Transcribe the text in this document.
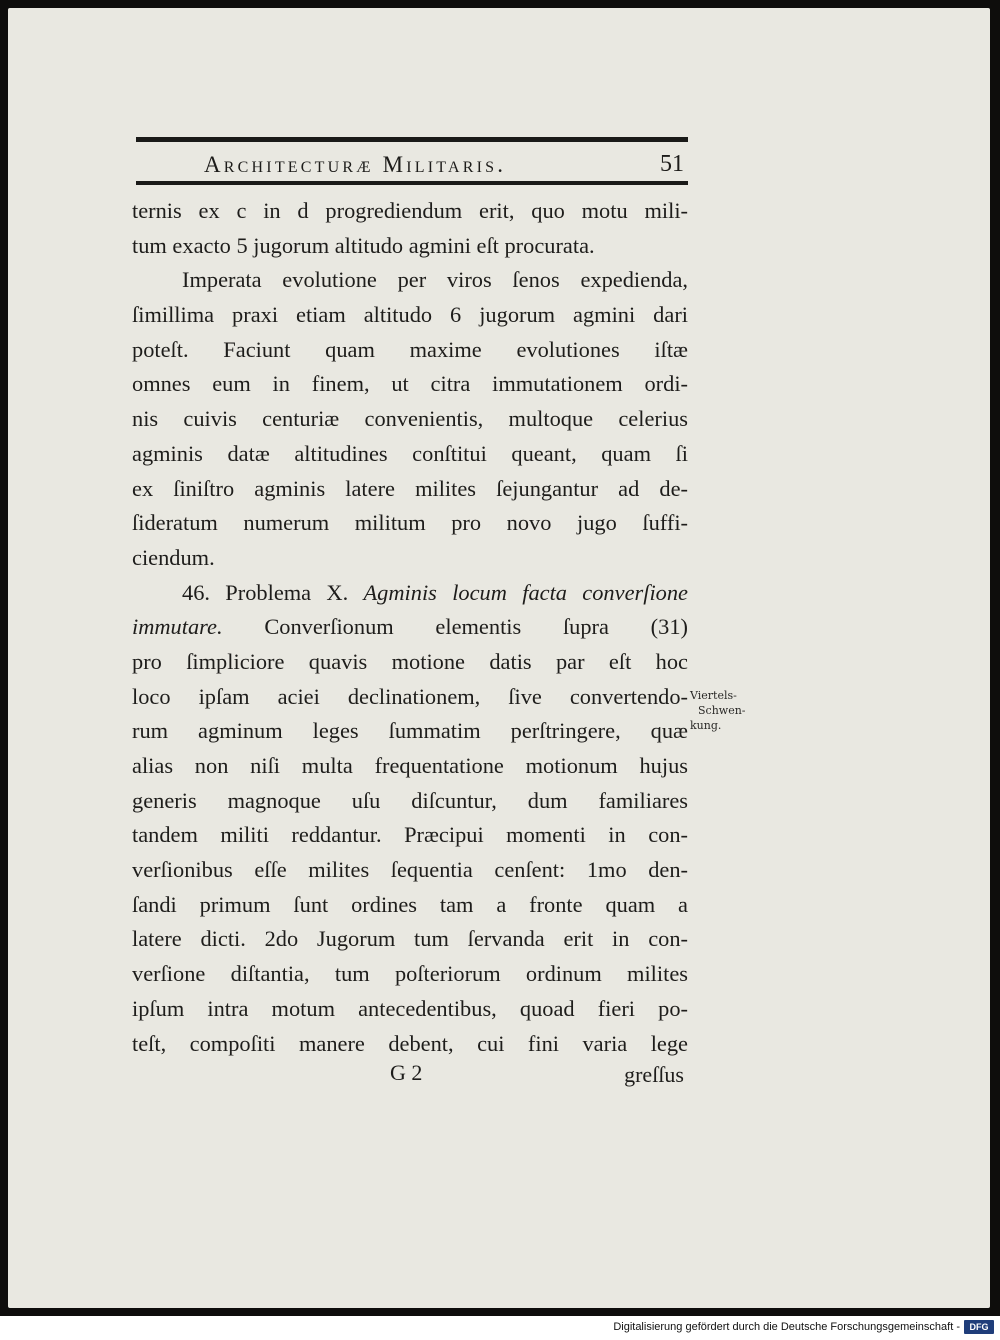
Architecturæ Militaris.	51
ternis ex c in d progrediendum erit, quo motu mili-
tum exacto 5 jugorum altitudo agmini eſt procurata.
Imperata evolutione per viros ſenos expedienda,
ſimillima praxi etiam altitudo 6 jugorum agmini dari
poteſt. Faciunt quam maxime evolutiones iſtæ
omnes eum in finem, ut citra immutationem ordi-
nis cuivis centuriæ convenientis, multoque celerius
agminis datæ altitudines conſtitui queant, quam ſi
ex ſiniſtro agminis latere milites ſejungantur ad de-
ſideratum numerum militum pro novo jugo ſuffi-
ciendum.
46. Problema X. Agminis locum facta converſione
immutare. Converſionum elementis ſupra (31)
pro ſimpliciore quavis motione datis par eſt hoc
loco ipſam aciei declinationem, ſive convertendo-
rum agminum leges ſummatim perſtringere, quæ
alias non niſi multa frequentatione motionum hujus
generis magnoque uſu diſcuntur, dum familiares
tandem militi reddantur. Præcipui momenti in con-
verſionibus eſſe milites ſequentia cenſent: 1mo den-
ſandi primum ſunt ordines tam a fronte quam a
latere dicti. 2do Jugorum tum ſervanda erit in con-
verſione diſtantia, tum poſteriorum ordinum milites
ipſum intra motum antecedentibus, quoad fieri po-
teſt, compoſiti manere debent, cui fini varia lege
Viertels-
Schwen-
kung.
G 2	greſſus
Digitalisierung gefördert durch die Deutsche Forschungsgemeinschaft -	DFG
